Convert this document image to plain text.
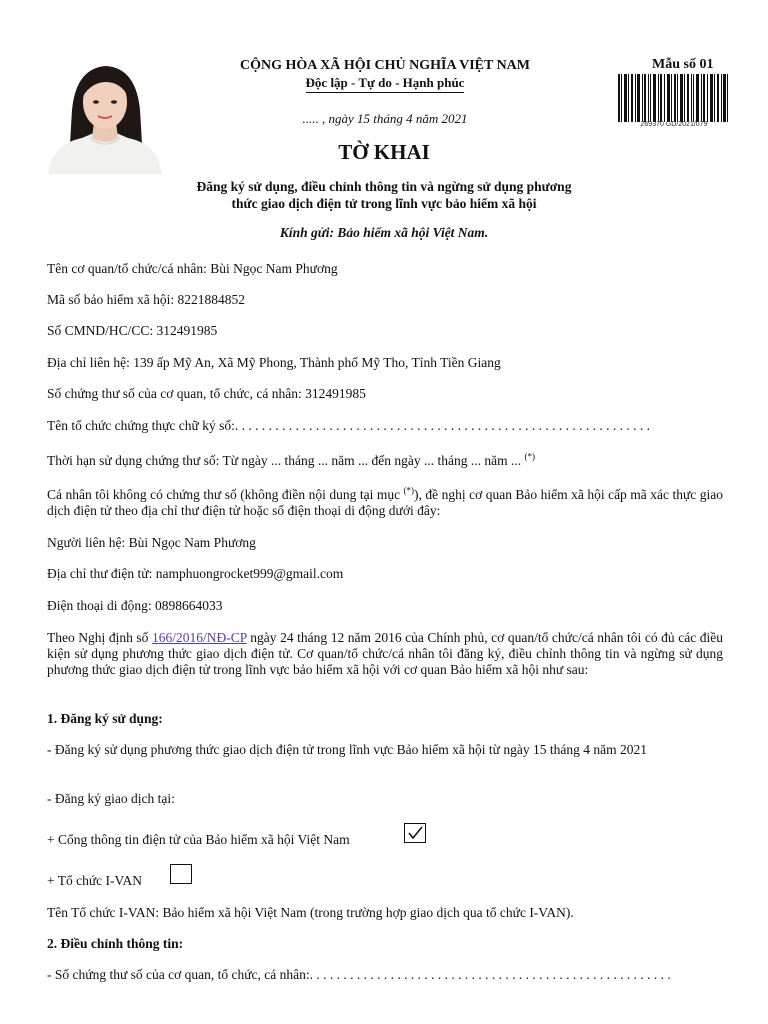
CỘNG HÒA XÃ HỘI CHỦ NGHĨA VIỆT NAM
Độc lập - Tự do - Hạnh phúc
..... , ngày 15 tháng 4 năm 2021
Mẫu số 01
269370 GD/2021/079
TỜ KHAI
Đăng ký sử dụng, điều chỉnh thông tin và ngừng sử dụng phương
thức giao dịch điện tử trong lĩnh vực bảo hiểm xã hội
Kính gửi: Bảo hiểm xã hội Việt Nam.
Tên cơ quan/tổ chức/cá nhân: Bùi Ngọc Nam Phương
Mã số bảo hiểm xã hội: 8221884852
Số CMND/HC/CC: 312491985
Địa chỉ liên hệ: 139 ấp Mỹ An, Xã Mỹ Phong, Thành phố Mỹ Tho, Tỉnh Tiền Giang
Số chứng thư số của cơ quan, tổ chức, cá nhân: 312491985
Tên tổ chức chứng thực chữ ký số:. . . . . . . . . . . . . . . . . . . . . . . . . . . . . . . . . . . . . . . . . . . . . . . . . . . . . . . . . . . . . .
Thời hạn sử dụng chứng thư số: Từ ngày ... tháng ... năm ... đến ngày ... tháng ... năm ... (*)
Cá nhân tôi không có chứng thư số (không điền nội dung tại mục (*)), đề nghị cơ quan Bảo hiểm xã hội cấp mã xác thực giao dịch điện tử theo địa chỉ thư điện tử hoặc số điện thoại di động dưới đây:
Người liên hệ: Bùi Ngọc Nam Phương
Địa chỉ thư điện tử: namphuongrocket999@gmail.com
Điện thoại di động: 0898664033
Theo Nghị định số 166/2016/NĐ-CP ngày 24 tháng 12 năm 2016 của Chính phủ, cơ quan/tổ chức/cá nhân tôi có đủ các điều kiện sử dụng phương thức giao dịch điện tử. Cơ quan/tổ chức/cá nhân tôi đăng ký, điều chỉnh thông tin và ngừng sử dụng phương thức giao dịch điện tử trong lĩnh vực bảo hiểm xã hội với cơ quan Bảo hiểm xã hội như sau:
1. Đăng ký sử dụng:
- Đăng ký sử dụng phương thức giao dịch điện tử trong lĩnh vực Bảo hiểm xã hội từ ngày 15 tháng 4 năm 2021
- Đăng ký giao dịch tại:
+ Cổng thông tin điện tử của Bảo hiểm xã hội Việt Nam
+ Tổ chức I-VAN
Tên Tổ chức I-VAN: Bảo hiểm xã hội Việt Nam (trong trường hợp giao dịch qua tổ chức I-VAN).
2. Điều chỉnh thông tin:
- Số chứng thư số của cơ quan, tổ chức, cá nhân:. . . . . . . . . . . . . . . . . . . . . . . . . . . . . . . . . . . . . . . . . . . . . . . . . . . . . .
